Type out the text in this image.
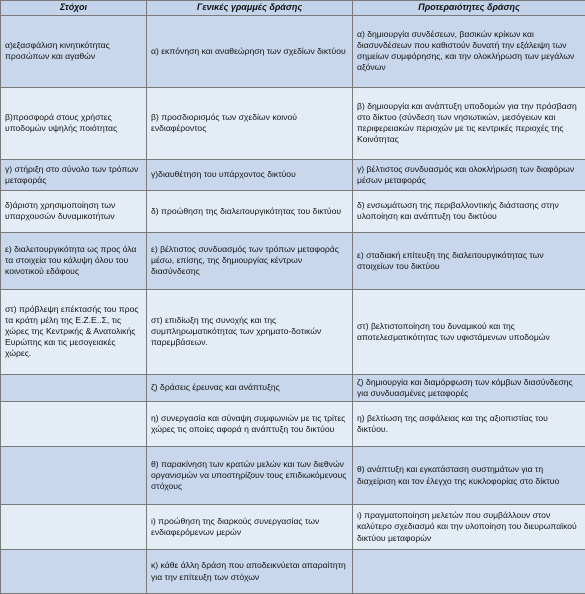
Στόχοι	Γενικές γραμμές δράσης	Προτεραιότητες δράσης
α)εξασφάλιση κινητικότητας προσώπων και αγαθών	α) εκπόνηση και αναθεώρηση των σχεδίων δικτύου	α) δημιουργία συνδέσεων, βασικών κρίκων και διασυνδέσεων που καθιστούν δυνατή την εξάλειψη των σημείων συμφόρησης, και την ολοκλήρωση των μεγάλων αξόνων
β)προσφορά στους χρήστες υποδομών υψηλής ποιότητας	β) προσδιορισμός των σχεδίων κοινού ενδιαφέροντος	β) δημιουργία και ανάπτυξη υποδομών για την πρόσβαση στο δίκτυο (σύνδεση των νησιωτικών, μεσόγειων και περιφερειακών περιοχών με τις κεντρικές περιοχές της Κοινότητας
γ) στήριξη στο σύνολο των τρόπων μεταφοράς	γ)διαυθέτηση του υπάρχοντος δικτύου	γ) βέλτιστος συνδυασμός και ολοκλήρωση των διαφόρων μέσων μεταφοράς
δ)άριστη χρησιμοποίηση των υπαρχουσών δυναμικοτήτων	δ) προώθηση της διαλειτουργικότητας του δικτύου	δ) ενσωμάτωση της περιβαλλοντικής διάστασης στην υλοποίηση και ανάπτυξη του δικτύου
ε) διαλειτουργικότητα ως προς όλα τα στοιχεία του κάλυψη όλου του κοινοτικού εδάφους	ε) βέλτιστος συνδυασμός των τρόπων μεταφοράς μέσω, επίσης, της δημιουργίας κέντρων διασύνδεσης	ε) σταδιακή επίτευξη της διαλειτουργικότητας των στοιχείων του δικτύου
στ) πρόβλεψη επέκτασής του προς τα κράτη μέλη της Ε.Ζ.Ε..Σ, τις χώρες της Κεντρικής & Ανατολικής Ευρώπης και τις μεσογειακές χώρες.	στ) επιδίωξη της συνοχής και της συμπληρωματικότητας των χρηματο-δοτικών παρεμβάσεων.	στ) βελτιστοποίηση του δυναμικού και της αποτελεσματικότητας των υφιστάμενων υποδομών
	ζ) δράσεις έρευνας και ανάπτυξης	ζ) δημιουργία και διαμόρφωση των κόμβων διασύνδεσης για συνδυασμένες μεταφορές
	η) συνεργασία και σύναψη συμφωνιών με τις τρίτες χώρες τις οποίες αφορά η ανάπτυξη του δικτύου	η) βελτίωση της ασφάλειας και της αξιοπιστίας του δικτύου.
	θ) παρακίνηση των κρατών μελών και των διεθνών οργανισμών να υποστηρίζουν τους επιδιωκόμενους στόχους	θ) ανάπτυξη και εγκατάσταση συστημάτων για τη διαχείριση και τον έλεγχο της κυκλοφορίας στο δίκτυο
	ι) προώθηση της διαρκούς συνεργασίας των ενδιαφερόμενων μερών	ι) πραγματοποίηση μελετών που συμβάλλουν στον καλύτερο σχεδιασμό και την υλοποίηση του διευρωπαϊκού δικτύου μεταφορών
	κ) κάθε άλλη δράση που αποδεικνύεται απαραίτητη για την επίτευξη των στόχων	
